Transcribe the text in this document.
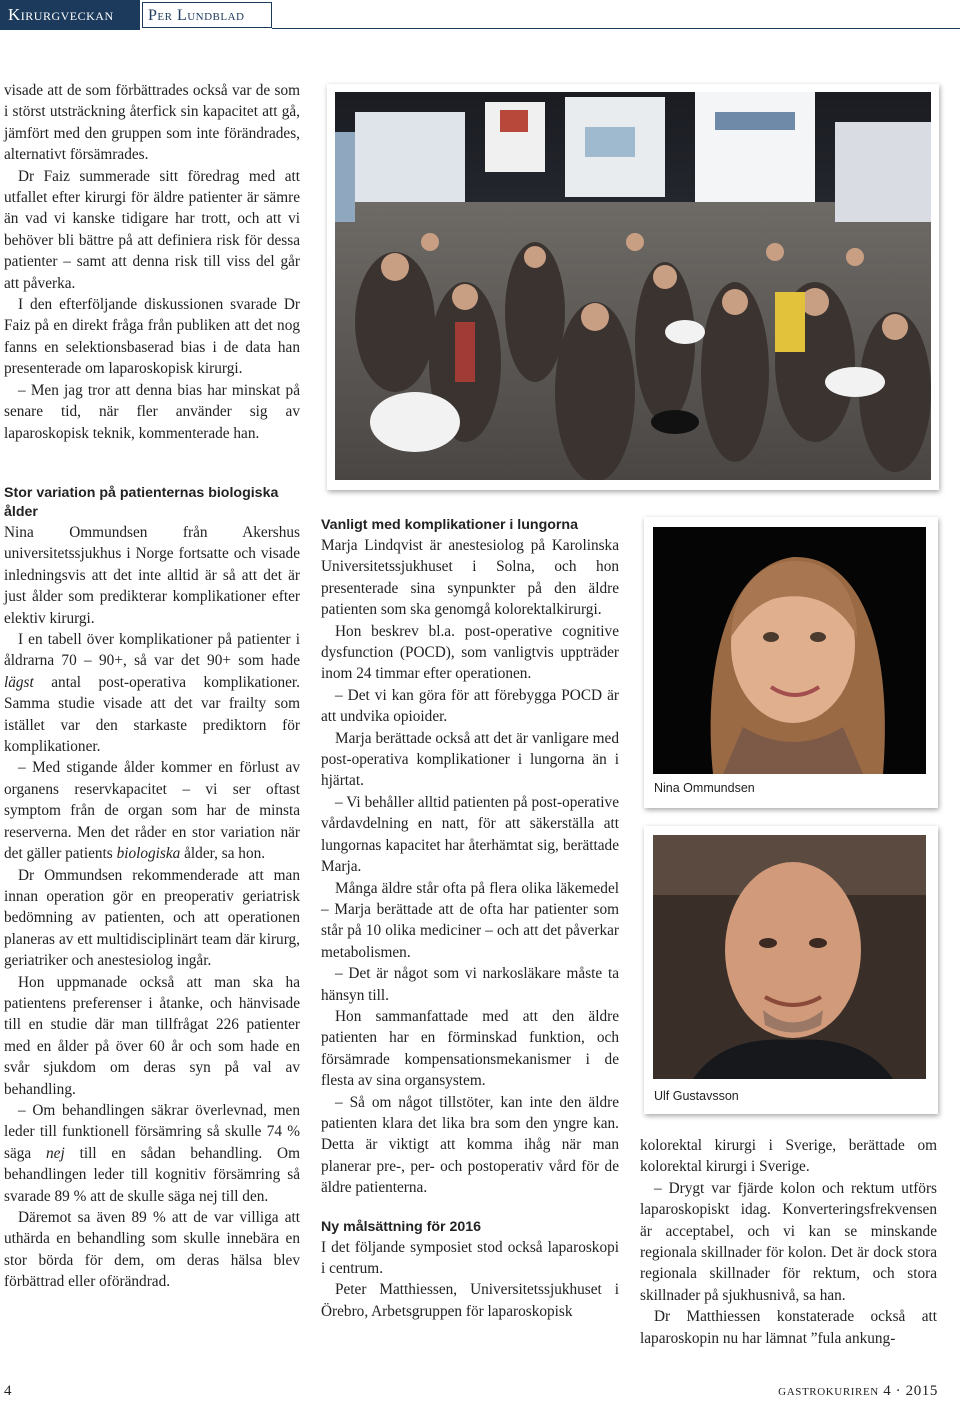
Kirurgveckan	Per Lundblad

visade att de som förbättrades också var de som i störst utsträckning återfick sin kapacitet att gå, jämfört med den gruppen som inte förändrades, alternativt försämrades.

Dr Faiz summerade sitt föredrag med att utfallet efter kirurgi för äldre patienter är sämre än vad vi kanske tidigare har trott, och att vi behöver bli bättre på att definiera risk för dessa patienter – samt att denna risk till viss del går att påverka.

I den efterföljande diskussionen svarade Dr Faiz på en direkt fråga från publiken att det nog fanns en selektionsbaserad bias i de data han presenterade om laparoskopisk kirurgi.

– Men jag tror att denna bias har minskat på senare tid, när fler använder sig av laparoskopisk teknik, kommenterade han.

Stor variation på patienternas biologiska ålder

Nina Ommundsen från Akershus universitetssjukhus i Norge fortsatte och visade inledningsvis att det inte alltid är så att det är just ålder som predikterar komplikationer efter elektiv kirurgi.

I en tabell över komplikationer på patienter i åldrarna 70 – 90+, så var det 90+ som hade lägst antal post-operativa komplikationer. Samma studie visade att det var frailty som istället var den starkaste prediktorn för komplikationer.

– Med stigande ålder kommer en förlust av organens reservkapacitet – vi ser oftast symptom från de organ som har de minsta reserverna. Men det råder en stor variation när det gäller patients biologiska ålder, sa hon.

Dr Ommundsen rekommenderade att man innan operation gör en preoperativ geriatrisk bedömning av patienten, och att operationen planeras av ett multidisciplinärt team där kirurg, geriatriker och anestesiolog ingår.

Hon uppmanade också att man ska ha patientens preferenser i åtanke, och hänvisade till en studie där man tillfrågat 226 patienter med en ålder på över 60 år och som hade en svår sjukdom om deras syn på val av behandling.

– Om behandlingen säkrar överlevnad, men leder till funktionell försämring så skulle 74 % säga nej till en sådan behandling. Om behandlingen leder till kognitiv försämring så svarade 89 % att de skulle säga nej till den.

Däremot sa även 89 % att de var villiga att uthärda en behandling som skulle innebära en stor börda för dem, om deras hälsa blev förbättrad eller oförändrad.

Vanligt med komplikationer i lungorna

Marja Lindqvist är anestesiolog på Karolinska Universitetssjukhuset i Solna, och hon presenterade sina synpunkter på den äldre patienten som ska genomgå kolorektalkirurgi.

Hon beskrev bl.a. post-operative cognitive dysfunction (POCD), som vanligtvis uppträder inom 24 timmar efter operationen.

– Det vi kan göra för att förebygga POCD är att undvika opioider.

Marja berättade också att det är vanligare med post-operativa komplikationer i lungorna än i hjärtat.

– Vi behåller alltid patienten på post-operative vårdavdelning en natt, för att säkerställa att lungornas kapacitet har återhämtat sig, berättade Marja.

Många äldre står ofta på flera olika läkemedel – Marja berättade att de ofta har patienter som står på 10 olika mediciner – och att det påverkar metabolismen.

– Det är något som vi narkosläkare måste ta hänsyn till.

Hon sammanfattade med att den äldre patienten har en förminskad funktion, och försämrade kompensationsmekanismer i de flesta av sina organsystem.

– Så om något tillstöter, kan inte den äldre patienten klara det lika bra som den yngre kan. Detta är viktigt att komma ihåg när man planerar pre-, per- och postoperativ vård för de äldre patienterna.

Ny målsättning för 2016

I det följande symposiet stod också laparoskopi i centrum.

Peter Matthiessen, Universitetssjukhuset i Örebro, Arbetsgruppen för laparoskopisk

Nina Ommundsen
Ulf Gustavsson

kolorektal kirurgi i Sverige, berättade om kolorektal kirurgi i Sverige.

– Drygt var fjärde kolon och rektum utförs laparoskopiskt idag. Konverteringsfrekvensen är acceptabel, och vi kan se minskande regionala skillnader för kolon. Det är dock stora regionala skillnader för rektum, och stora skillnader på sjukhusnivå, sa han.

Dr Matthiessen konstaterade också att laparoskopin nu har lämnat ”fula ankung-

4	gastrokuriren 4 · 2015
